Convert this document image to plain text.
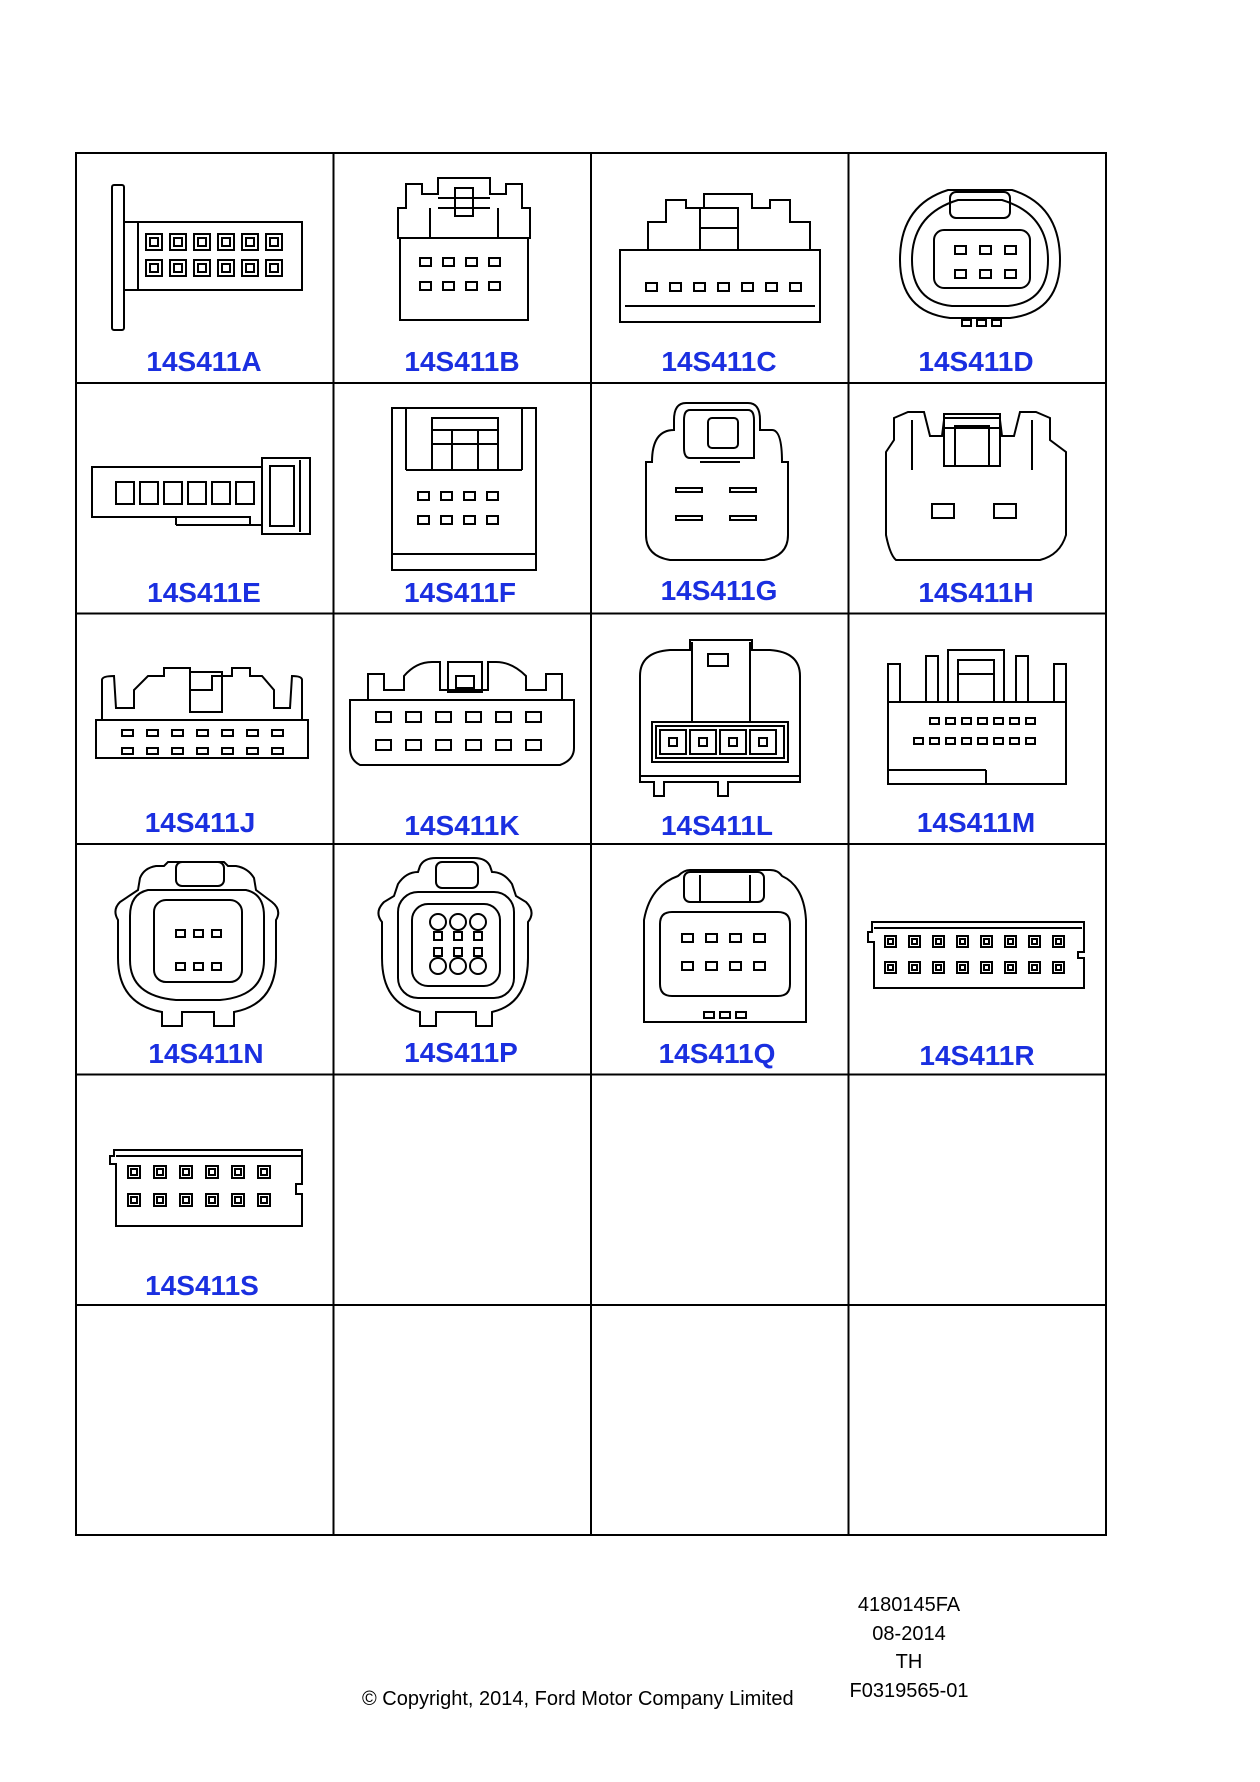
14S411A	14S411B	14S411C	14S411D
14S411E	14S411F	14S411G	14S411H
14S411J	14S411K	14S411L	14S411M
14S411N	14S411P	14S411Q	14S411R
14S411S
4180145FA
08-2014
TH
F0319565-01
© Copyright, 2014, Ford Motor Company Limited
